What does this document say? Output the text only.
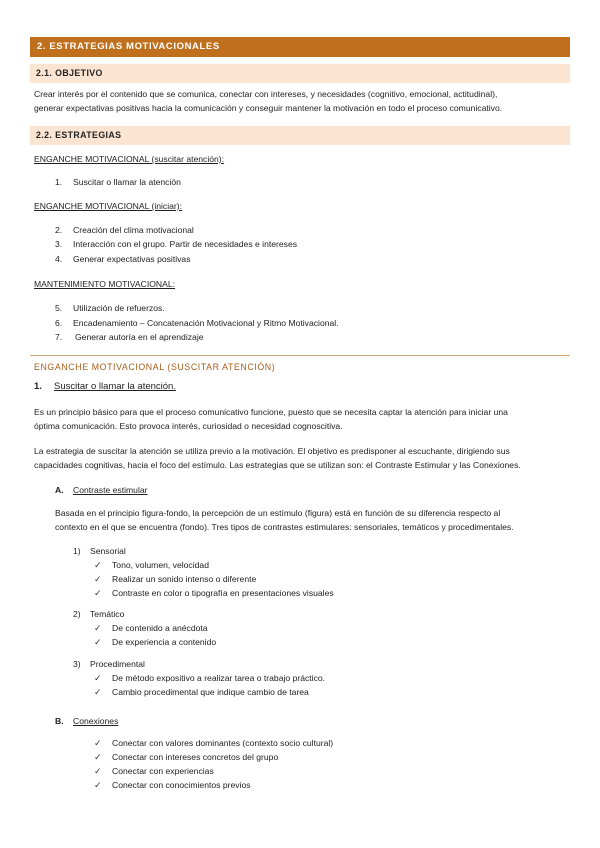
2. ESTRATEGIAS MOTIVACIONALES
2.1. OBJETIVO
Crear interés por el contenido que se comunica, conectar con intereses, y necesidades (cognitivo, emocional, actitudinal),
generar expectativas positivas hacia la comunicación y conseguir mantener la motivación en todo el proceso comunicativo.
2.2. ESTRATEGIAS
ENGANCHE MOTIVACIONAL (suscitar atención):
1. Suscitar o llamar la atención
ENGANCHE MOTIVACIONAL (iniciar):
2. Creación del clima motivacional
3. Interacción con el grupo. Partir de necesidades e intereses
4. Generar expectativas positivas
MANTENIMIENTO MOTIVACIONAL:
5. Utilización de refuerzos.
6. Encadenamiento – Concatenación Motivacional y Ritmo Motivacional.
7. Generar autoría en el aprendizaje
ENGANCHE MOTIVACIONAL (SUSCITAR ATENCIÓN)
1. Suscitar o llamar la atención.
Es un principio básico para que el proceso comunicativo funcione, puesto que se necesita captar la atención para iniciar una
óptima comunicación. Esto provoca interés, curiosidad o necesidad cognoscitiva.
La estrategia de suscitar la atención se utiliza previo a la motivación. El objetivo es predisponer al escuchante, dirigiendo sus
capacidades cognitivas, hacia el foco del estímulo. Las estrategias que se utilizan son: el Contraste Estimular y las Conexiones.
A. Contraste estimular
Basada en el principio figura-fondo, la percepción de un estímulo (figura) está en función de su diferencia respecto al
contexto en el que se encuentra (fondo). Tres tipos de contrastes estimulares: sensoriales, temáticos y procedimentales.
1) Sensorial
✓ Tono, volumen, velocidad
✓ Realizar un sonido intenso o diferente
✓ Contraste en color o tipografía en presentaciones visuales
2) Temático
✓ De contenido a anécdota
✓ De experiencia a contenido
3) Procedimental
✓ De método expositivo a realizar tarea o trabajo práctico.
✓ Cambio procedimental que indique cambio de tarea
B. Conexiones
✓ Conectar con valores dominantes (contexto socio cultural)
✓ Conectar con intereses concretos del grupo
✓ Conectar con experiencias
✓ Conectar con conocimientos previos
